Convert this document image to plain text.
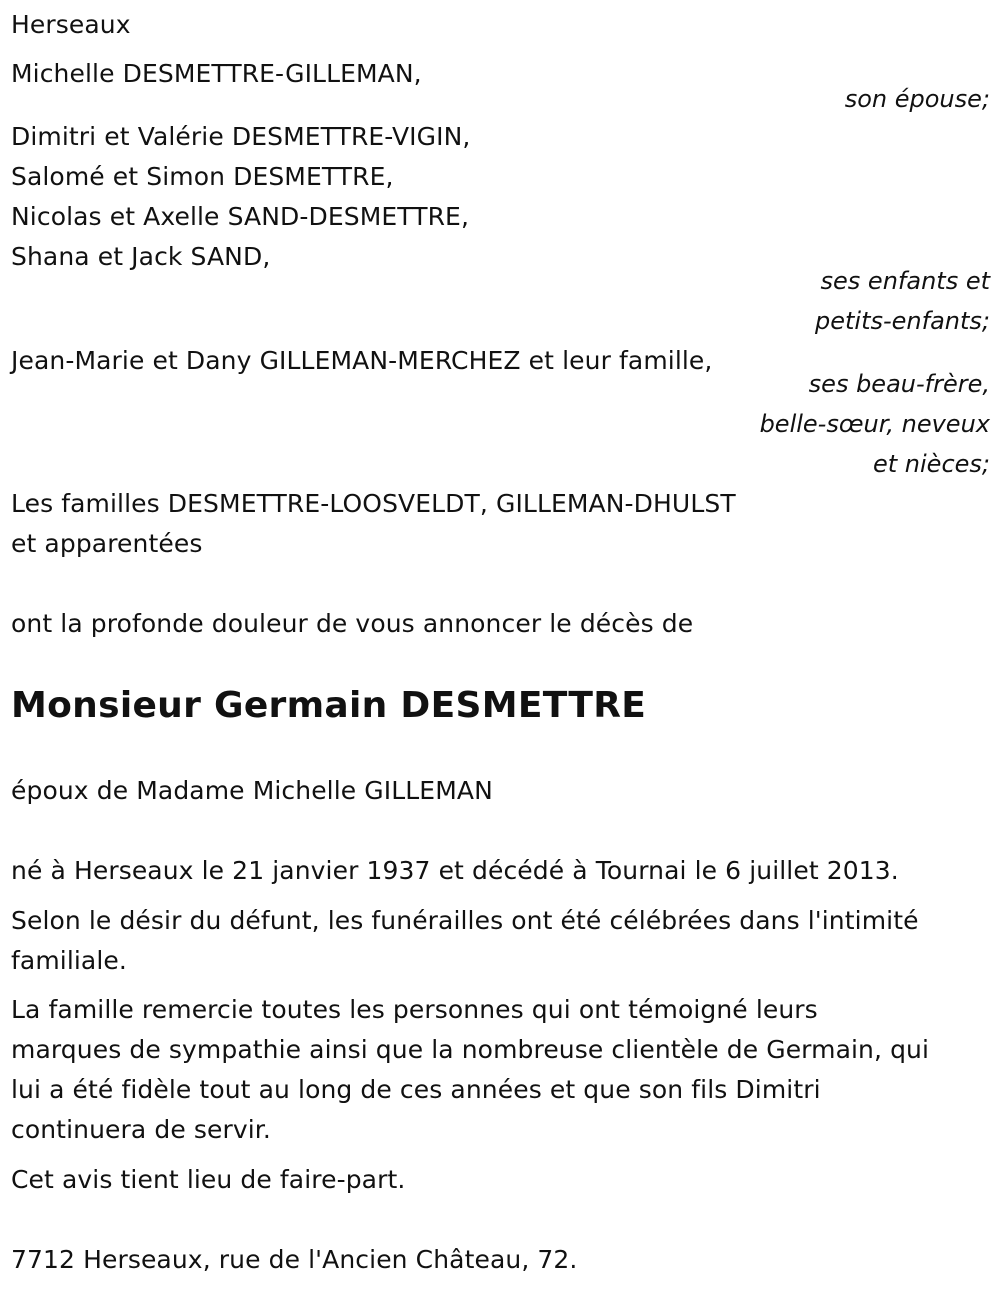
Herseaux
Michelle DESMETTRE-GILLEMAN,
son épouse;
Dimitri et Valérie DESMETTRE-VIGIN,
Salomé et Simon DESMETTRE,
Nicolas et Axelle SAND-DESMETTRE,
Shana et Jack SAND,
ses enfants et
petits-enfants;
Jean-Marie et Dany GILLEMAN-MERCHEZ et leur famille,
ses beau-frère,
belle-sœur, neveux
et nièces;
Les familles DESMETTRE-LOOSVELDT, GILLEMAN-DHULST
et apparentées
ont la profonde douleur de vous annoncer le décès de
Monsieur Germain DESMETTRE
époux de Madame Michelle GILLEMAN
né à Herseaux le 21 janvier 1937 et décédé à Tournai le 6 juillet 2013.
Selon le désir du défunt, les funérailles ont été célébrées dans l'intimité
familiale.
La famille remercie toutes les personnes qui ont témoigné leurs
marques de sympathie ainsi que la nombreuse clientèle de Germain, qui
lui a été fidèle tout au long de ces années et que son fils Dimitri
continuera de servir.
Cet avis tient lieu de faire-part.
7712 Herseaux, rue de l'Ancien Château, 72.
